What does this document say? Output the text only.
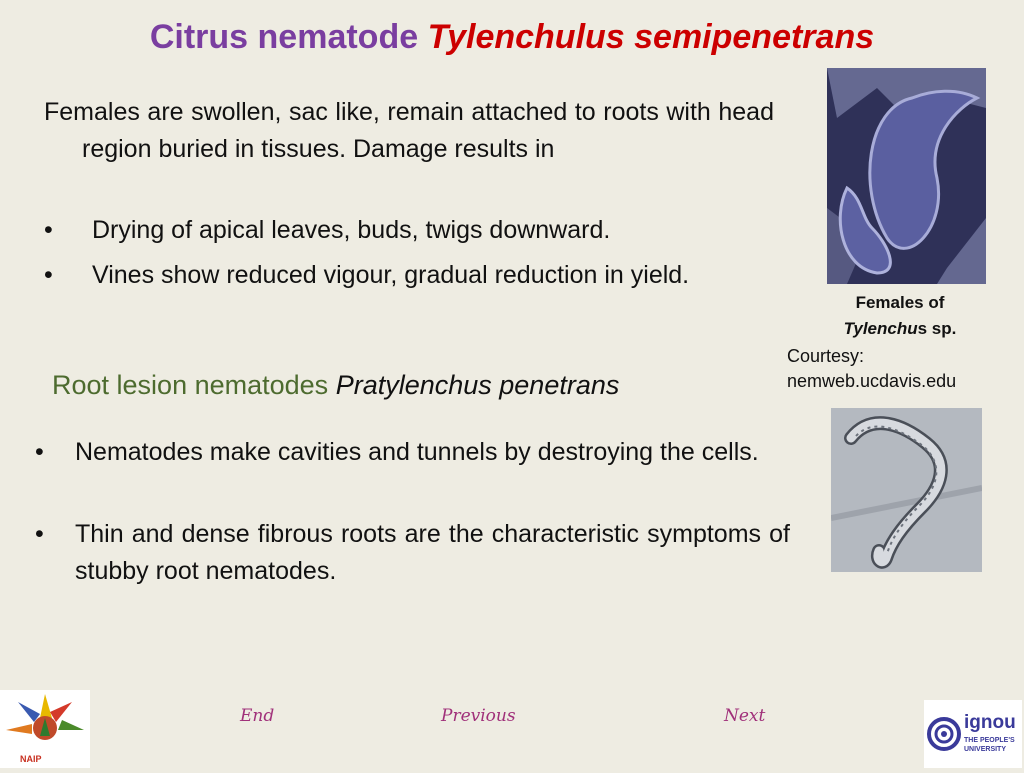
Citrus nematode Tylenchulus semipenetrans
Females are swollen, sac like, remain attached to roots with head region buried in tissues. Damage results in
•	Drying of apical leaves, buds, twigs downward.
•	Vines show reduced vigour, gradual reduction in yield.
Root lesion nematodes Pratylenchus penetrans
•	Nematodes make cavities and tunnels by destroying the cells.
•	Thin and dense fibrous roots are the characteristic symptoms of stubby root nematodes.
Females of
Tylenchus sp.
Courtesy:
nemweb.ucdavis.edu
End	Previous	Next
NAIP
ignou
THE PEOPLE'S
UNIVERSITY
